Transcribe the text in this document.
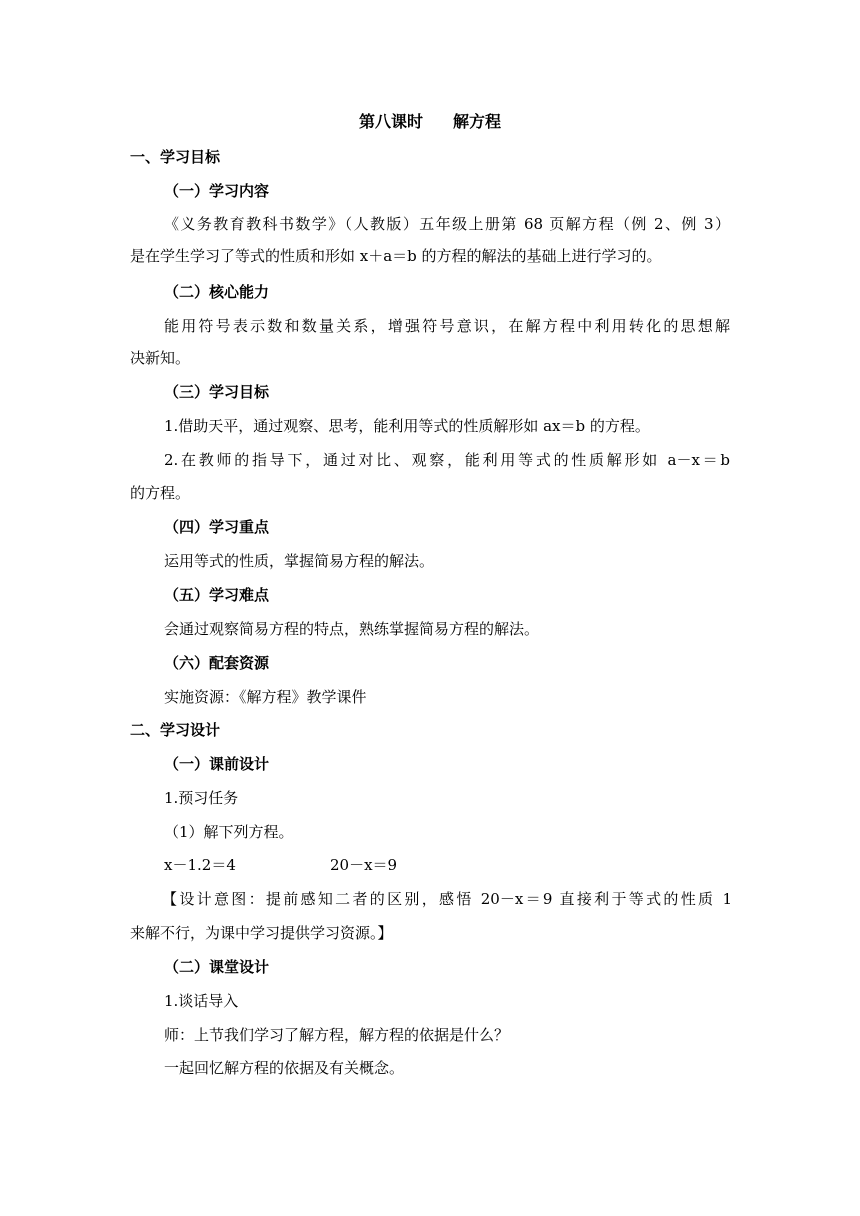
第八课时 解方程
一、学习目标
（一）学习内容
《义务教育教科书数学》（人教版）五年级上册第 68 页解方程（例 2、例 3）
是在学生学习了等式的性质和形如 x＋a＝b 的方程的解法的基础上进行学习的。
（二）核心能力
能用符号表示数和数量关系，增强符号意识，在解方程中利用转化的思想解
决新知。
（三）学习目标
1.借助天平，通过观察、思考，能利用等式的性质解形如 ax＝b 的方程。
2.在教师的指导下，通过对比、观察，能利用等式的性质解形如 a－x＝b
的方程。
（四）学习重点
运用等式的性质，掌握简易方程的解法。
（五）学习难点
会通过观察简易方程的特点，熟练掌握简易方程的解法。
（六）配套资源
实施资源：《解方程》教学课件
二、学习设计
（一）课前设计
1.预习任务
（1）解下列方程。
x－1.2＝4	20－x＝9
【设计意图：提前感知二者的区别，感悟 20－x＝9 直接利于等式的性质 1
来解不行，为课中学习提供学习资源。】
（二）课堂设计
1.谈话导入
师：上节我们学习了解方程，解方程的依据是什么？
一起回忆解方程的依据及有关概念。
